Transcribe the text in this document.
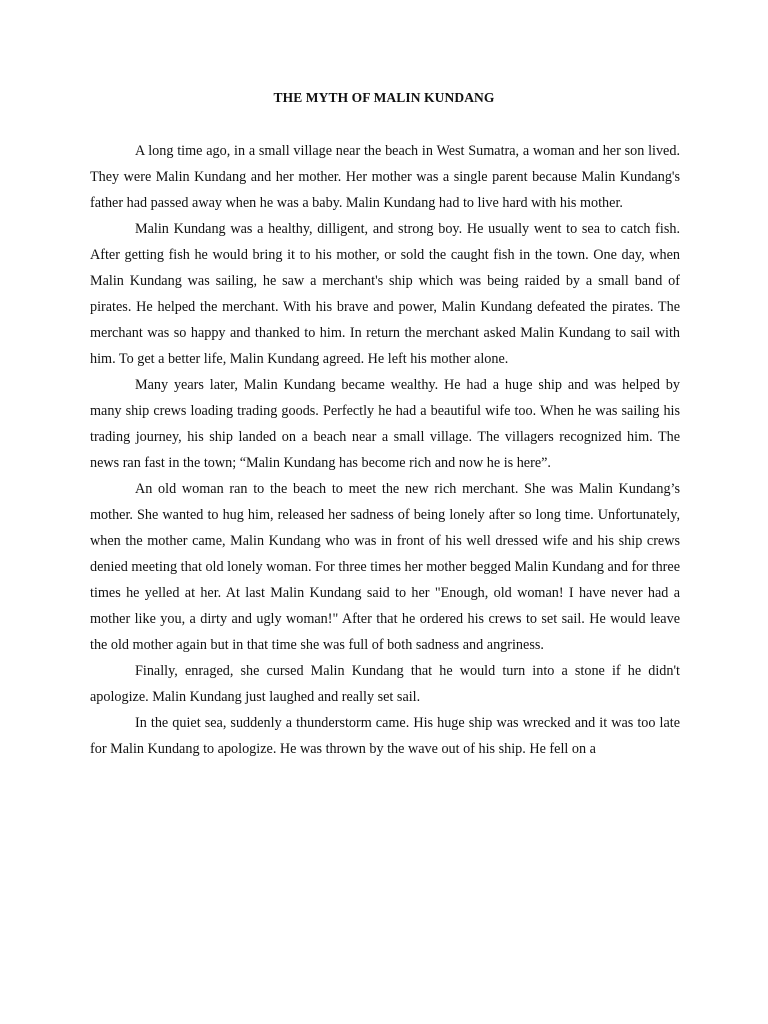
THE MYTH OF MALIN KUNDANG

A long time ago, in a small village near the beach in West Sumatra, a woman and her son lived. They were Malin Kundang and her mother. Her mother was a single parent because Malin Kundang's father had passed away when he was a baby. Malin Kundang had to live hard with his mother.

Malin Kundang was a healthy, dilligent, and strong boy. He usually went to sea to catch fish. After getting fish he would bring it to his mother, or sold the caught fish in the town. One day, when Malin Kundang was sailing, he saw a merchant's ship which was being raided by a small band of pirates. He helped the merchant. With his brave and power, Malin Kundang defeated the pirates. The merchant was so happy and thanked to him. In return the merchant asked Malin Kundang to sail with him. To get a better life, Malin Kundang agreed. He left his mother alone.

Many years later, Malin Kundang became wealthy. He had a huge ship and was helped by many ship crews loading trading goods. Perfectly he had a beautiful wife too. When he was sailing his trading journey, his ship landed on a beach near a small village. The villagers recognized him. The news ran fast in the town; “Malin Kundang has become rich and now he is here”.

An old woman ran to the beach to meet the new rich merchant. She was Malin Kundang’s mother. She wanted to hug him, released her sadness of being lonely after so long time. Unfortunately, when the mother came, Malin Kundang who was in front of his well dressed wife and his ship crews denied meeting that old lonely woman. For three times her mother begged Malin Kundang and for three times he yelled at her. At last Malin Kundang said to her "Enough, old woman! I have never had a mother like you, a dirty and ugly woman!" After that he ordered his crews to set sail. He would leave the old mother again but in that time she was full of both sadness and angriness.

Finally, enraged, she cursed Malin Kundang that he would turn into a stone if he didn't apologize. Malin Kundang just laughed and really set sail.

In the quiet sea, suddenly a thunderstorm came. His huge ship was wrecked and it was too late for Malin Kundang to apologize. He was thrown by the wave out of his ship. He fell on a
